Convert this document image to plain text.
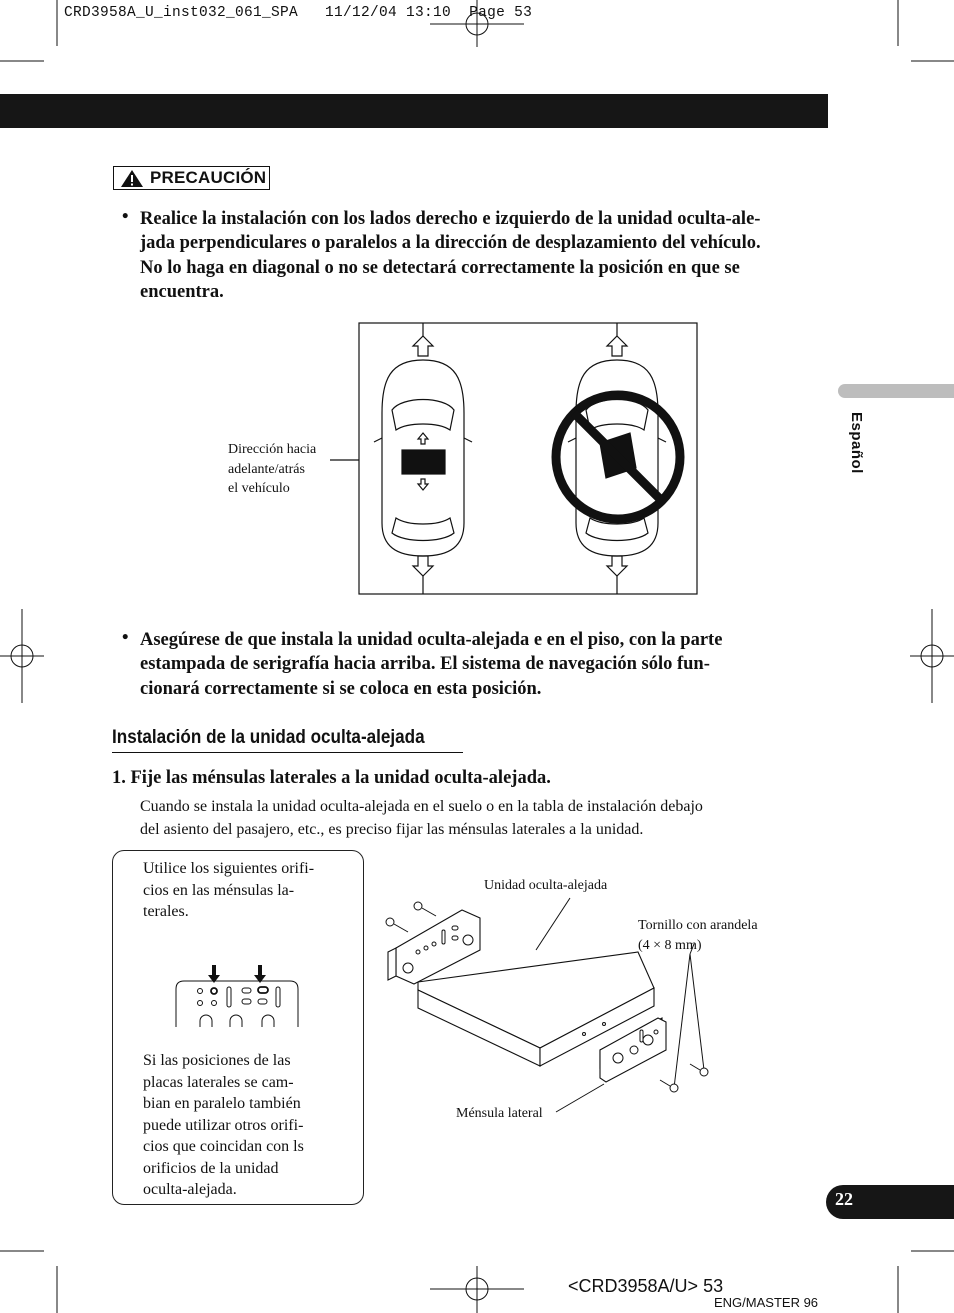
CRD3958A_U_inst032_061_SPA   11/12/04 13:10  Page 53
PRECAUCIÓN
• Realice la instalación con los lados derecho e izquierdo de la unidad oculta-ale-
jada perpendiculares o paralelos a la dirección de desplazamiento del vehículo.
No lo haga en diagonal o no se detectará correctamente la posición en que se
encuentra.
Dirección hacia
adelante/atrás
el vehículo
• Asegúrese de que instala la unidad oculta-alejada e en el piso, con la parte
estampada de serigrafía hacia arriba. El sistema de navegación sólo fun-
cionará correctamente si se coloca en esta posición.
Instalación de la unidad oculta-alejada
1. Fije las ménsulas laterales a la unidad oculta-alejada.
Cuando se instala la unidad oculta-alejada en el suelo o en la tabla de instalación debajo
del asiento del pasajero, etc., es preciso fijar las ménsulas laterales a la unidad.
Utilice los siguientes orifi-
cios en las ménsulas la-
terales.
Si las posiciones de las
placas laterales se cam-
bian en paralelo también
puede utilizar otros orifi-
cios que coincidan con ls
orificios de la unidad
oculta-alejada.
Unidad oculta-alejada
Tornillo con arandela
(4 × 8 mm)
Ménsula lateral
Español
22
<CRD3958A/U> 53
ENG/MASTER 96
